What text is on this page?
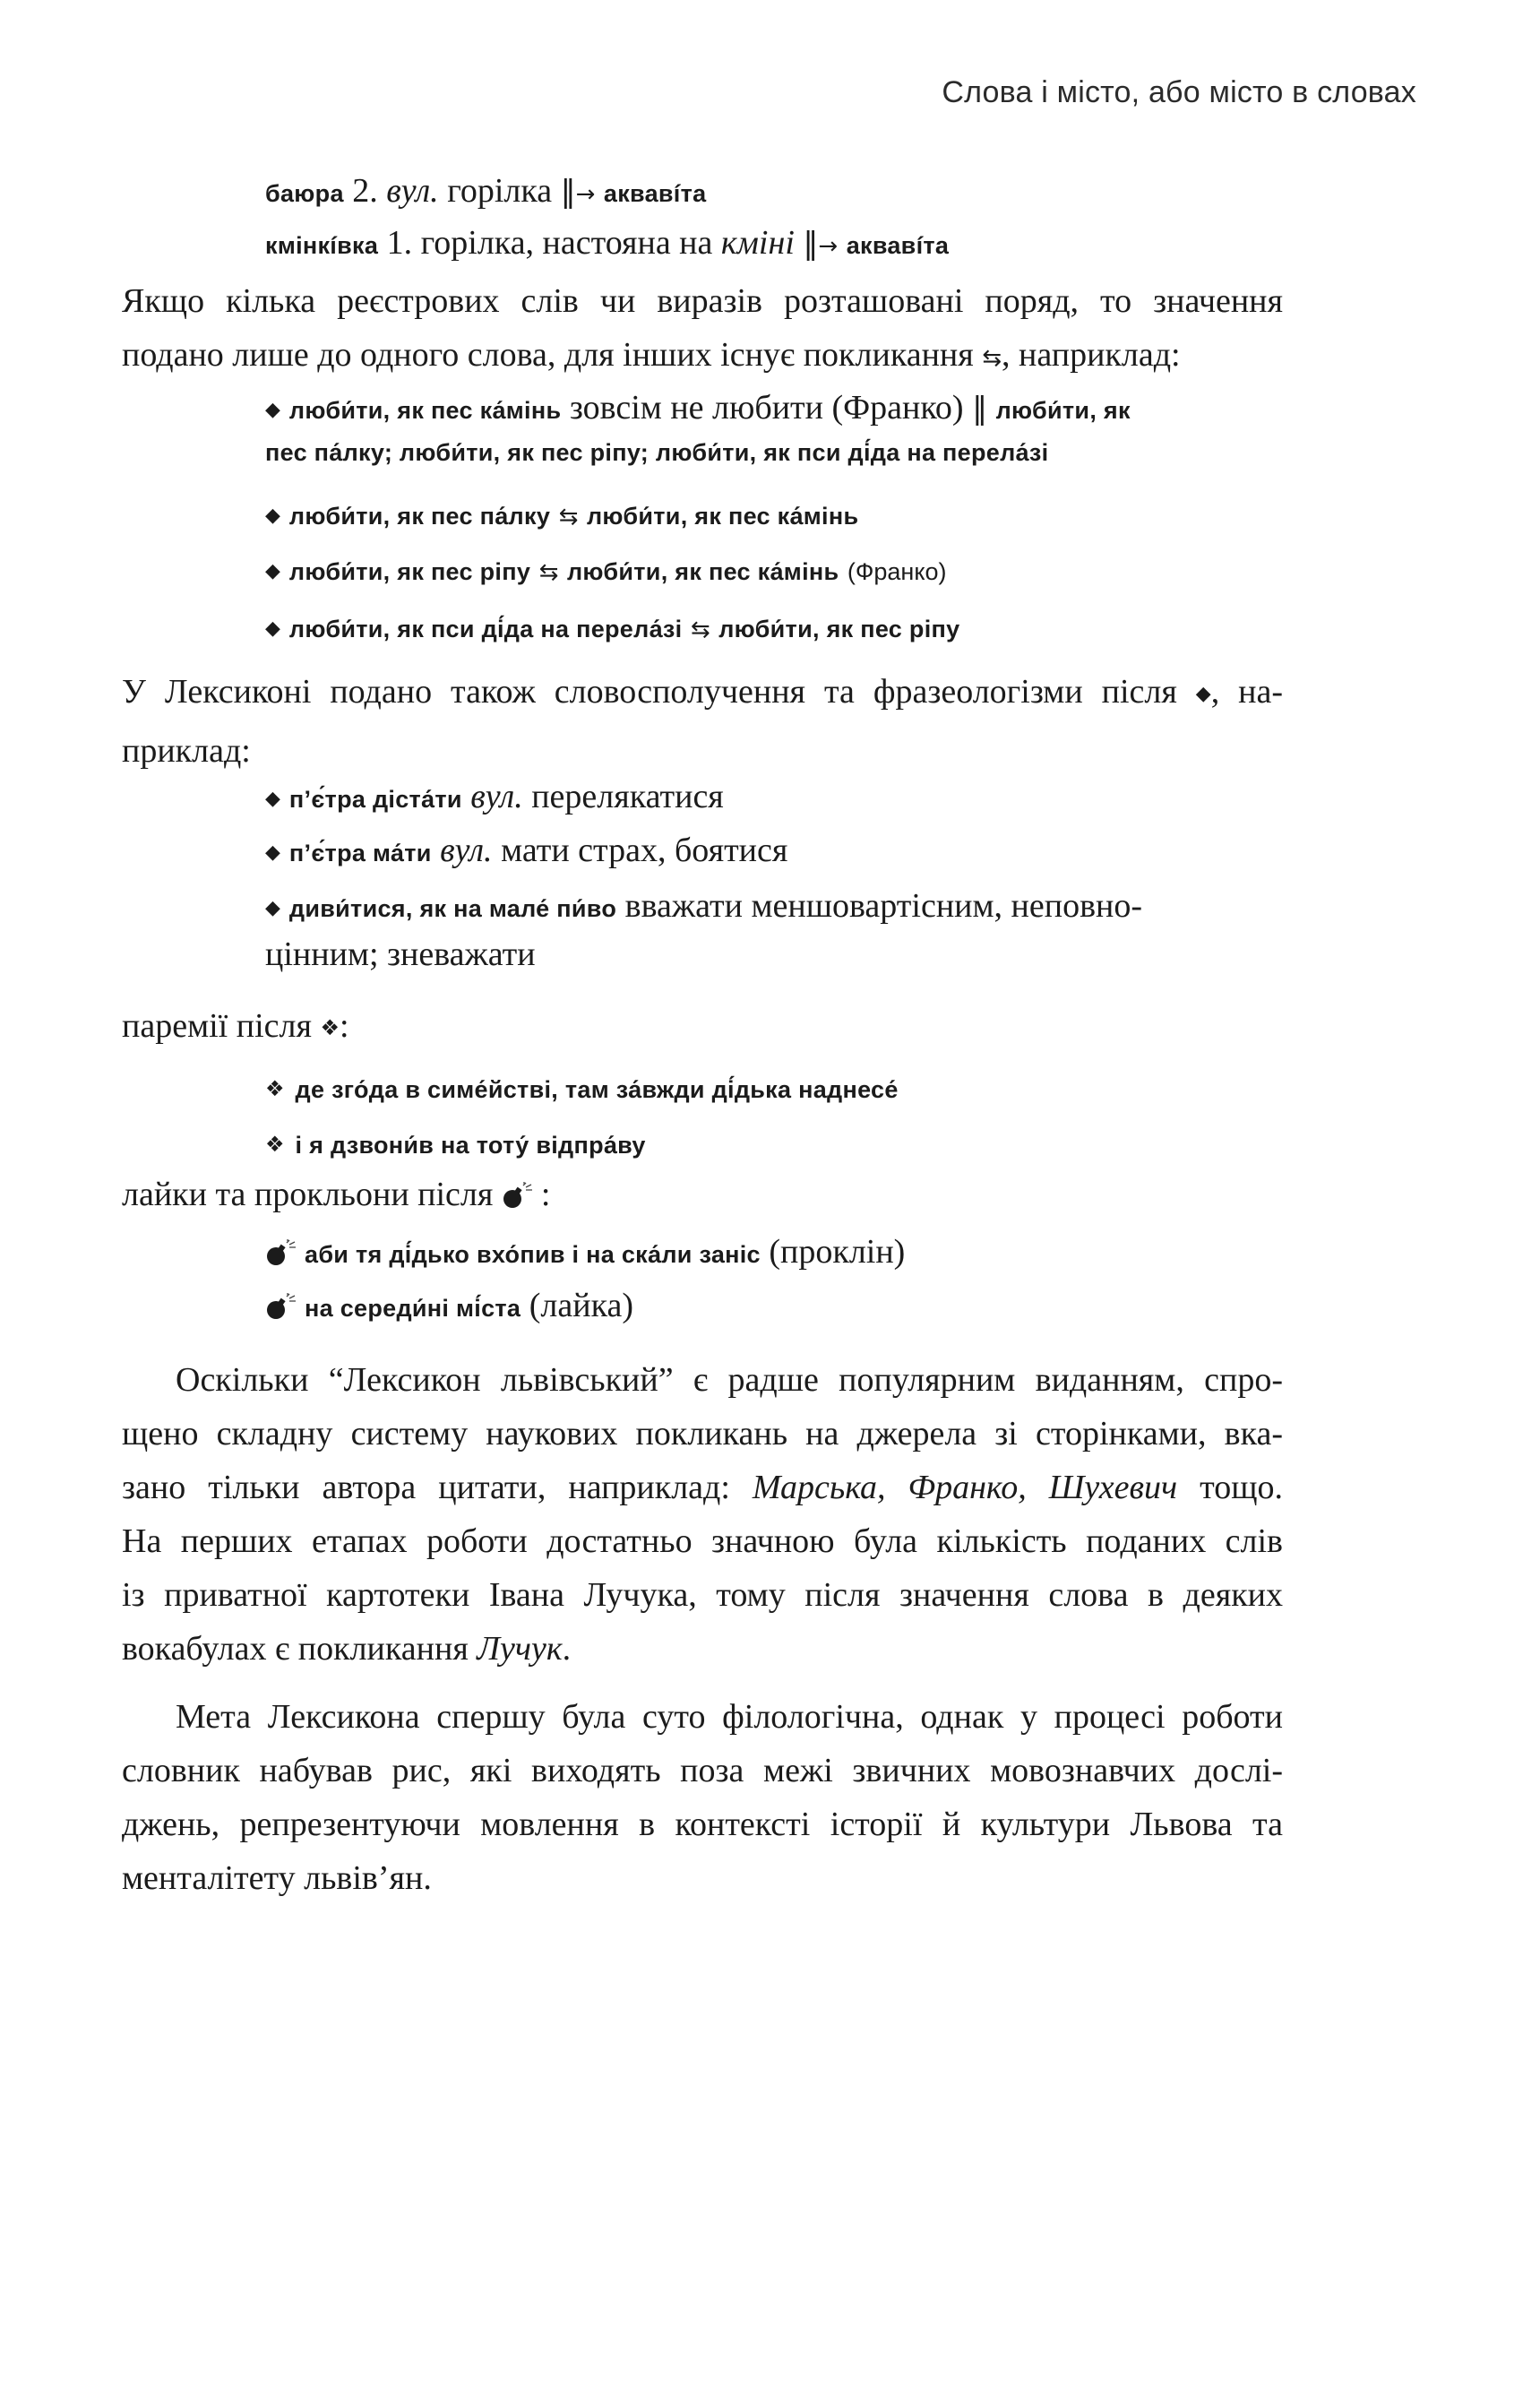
Слова і місто, або місто в словах
баюра 2. вул. горілка ‖→ аквавíта
кмінкíвка 1. горілка, настояна на кміні ‖→ аквавíта
Якщо кілька реєстрових слів чи виразів розташовані поряд, то значення
подано лише до одного слова, для інших існує покликання ⇆, наприклад:
◆ люби́ти, як пес ка́мінь зовсім не любити (Франко) ‖ люби́ти, як
пес па́лку; люби́ти, як пес ріпу; люби́ти, як пси ді́да на перела́зі
◆ люби́ти, як пес па́лку ⇆ люби́ти, як пес ка́мінь
◆ люби́ти, як пес ріпу ⇆ люби́ти, як пес ка́мінь (Франко)
◆ люби́ти, як пси ді́да на перела́зі ⇆ люби́ти, як пес ріпу
У Лексиконі подано також словосполучення та фразеологізми після ◆, на-
приклад:
◆ п’є́тра діста́ти вул. перелякатися
◆ п’є́тра ма́ти вул. мати страх, боятися
◆ диви́тися, як на мале́ пи́во вважати меншовартісним, неповно-
цінним; зневажати
паремії після ❖:
❖ де зго́да в симе́йстві, там за́вжди ді́дька наднесе́
❖ і я дзвони́в на тоту́ відпра́ву
лайки та прокльони після :
аби тя ді́дько вхо́пив і на ска́ли заніс (проклін)
на середи́ні мі́ста (лайка)
Оскільки “Лексикон львівський” є радше популярним виданням, спро-
щено складну систему наукових покликань на джерела зі сторінками, вка-
зано тільки автора цитати, наприклад: Марська, Франко, Шухевич тощо.
На перших етапах роботи достатньо значною була кількість поданих слів
із приватної картотеки Івана Лучука, тому після значення слова в деяких
вокабулах є покликання Лучук.
Мета Лексикона спершу була суто філологічна, однак у процесі роботи
словник набував рис, які виходять поза межі звичних мовознавчих дослі-
джень, репрезентуючи мовлення в контексті історії й культури Львова та
менталітету львів’ян.
